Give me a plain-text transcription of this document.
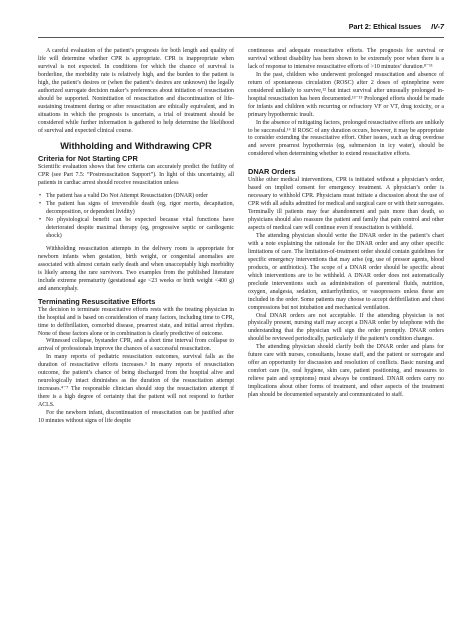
Part 2: Ethical Issues IV-7

A careful evaluation of the patient’s prognosis for both length and quality of life will determine whether CPR is appropriate. CPR is inappropriate when survival is not expected. In conditions for which the chance of survival is borderline, the morbidity rate is relatively high, and the burden to the patient is high, the patient’s desires or (when the patient’s desires are unknown) the legally authorized surrogate decision maker’s preferences about initiation of resuscitation should be supported. Noninitiation of resuscitation and discontinuation of life-sustaining treatment during or after resuscitation are ethically equivalent, and in situations in which the prognosis is uncertain, a trial of treatment should be considered while further information is gathered to help determine the likelihood of survival and expected clinical course.

Withholding and Withdrawing CPR
Criteria for Not Starting CPR

Scientific evaluation shows that few criteria can accurately predict the futility of CPR (see Part 7.5: “Postresuscitation Support”). In light of this uncertainty, all patients in cardiac arrest should receive resuscitation unless

• The patient has a valid Do Not Attempt Resuscitation (DNAR) order
• The patient has signs of irreversible death (eg, rigor mortis, decapitation, decomposition, or dependent lividity)
• No physiological benefit can be expected because vital functions have deteriorated despite maximal therapy (eg, progressive septic or cardiogenic shock)

Withholding resuscitation attempts in the delivery room is appropriate for newborn infants when gestation, birth weight, or congenital anomalies are associated with almost certain early death and when unacceptably high morbidity is likely among the rare survivors. Two examples from the published literature include extreme prematurity (gestational age <23 weeks or birth weight <400 g) and anencephaly.

Terminating Resuscitative Efforts

The decision to terminate resuscitative efforts rests with the treating physician in the hospital and is based on consideration of many factors, including time to CPR, time to defibrillation, comorbid disease, prearrest state, and initial arrest rhythm. None of these factors alone or in combination is clearly predictive of outcome.

Witnessed collapse, bystander CPR, and a short time interval from collapse to arrival of professionals improve the chances of a successful resuscitation.

In many reports of pediatric resuscitation outcomes, survival falls as the duration of resuscitative efforts increases.³ In many reports of resuscitation outcome, the patient’s chance of being discharged from the hospital alive and neurologically intact diminishes as the duration of the resuscitation attempt increases.⁴⁻⁷ The responsible clinician should stop the resuscitation attempt if there is a high degree of certainty that the patient will not respond to further ACLS.

For the newborn infant, discontinuation of resuscitation can be justified after 10 minutes without signs of life despite

continuous and adequate resuscitative efforts. The prognosis for survival or survival without disability has been shown to be extremely poor when there is a lack of response to intensive resuscitative efforts of >10 minutes’ duration.⁸⁻¹¹

In the past, children who underwent prolonged resuscitation and absence of return of spontaneous circulation (ROSC) after 2 doses of epinephrine were considered unlikely to survive,¹² but intact survival after unusually prolonged in-hospital resuscitation has been documented.¹³⁻¹⁵ Prolonged efforts should be made for infants and children with recurring or refractory VF or VT, drug toxicity, or a primary hypothermic insult.

In the absence of mitigating factors, prolonged resuscitative efforts are unlikely to be successful.¹⁶ If ROSC of any duration occurs, however, it may be appropriate to consider extending the resuscitative effort. Other issues, such as drug overdose and severe prearrest hypothermia (eg, submersion in icy water), should be considered when determining whether to extend resuscitative efforts.

DNAR Orders

Unlike other medical interventions, CPR is initiated without a physician’s order, based on implied consent for emergency treatment. A physician’s order is necessary to withhold CPR. Physicians must initiate a discussion about the use of CPR with all adults admitted for medical and surgical care or with their surrogates. Terminally ill patients may fear abandonment and pain more than death, so physicians should also reassure the patient and family that pain control and other aspects of medical care will continue even if resuscitation is withheld.

The attending physician should write the DNAR order in the patient’s chart with a note explaining the rationale for the DNAR order and any other specific limitations of care. The limitation-of-treatment order should contain guidelines for specific emergency interventions that may arise (eg, use of pressor agents, blood products, or antibiotics). The scope of a DNAR order should be specific about which interventions are to be withheld. A DNAR order does not automatically preclude interventions such as administration of parenteral fluids, nutrition, oxygen, analgesia, sedation, antiarrhythmics, or vasopressors unless these are included in the order. Some patients may choose to accept defibrillation and chest compressions but not intubation and mechanical ventilation.

Oral DNAR orders are not acceptable. If the attending physician is not physically present, nursing staff may accept a DNAR order by telephone with the understanding that the physician will sign the order promptly. DNAR orders should be reviewed periodically, particularly if the patient’s condition changes.

The attending physician should clarify both the DNAR order and plans for future care with nurses, consultants, house staff, and the patient or surrogate and offer an opportunity for discussion and resolution of conflicts. Basic nursing and comfort care (ie, oral hygiene, skin care, patient positioning, and measures to relieve pain and symptoms) must always be continued. DNAR orders carry no implications about other forms of treatment, and other aspects of the treatment plan should be documented separately and communicated to staff.
